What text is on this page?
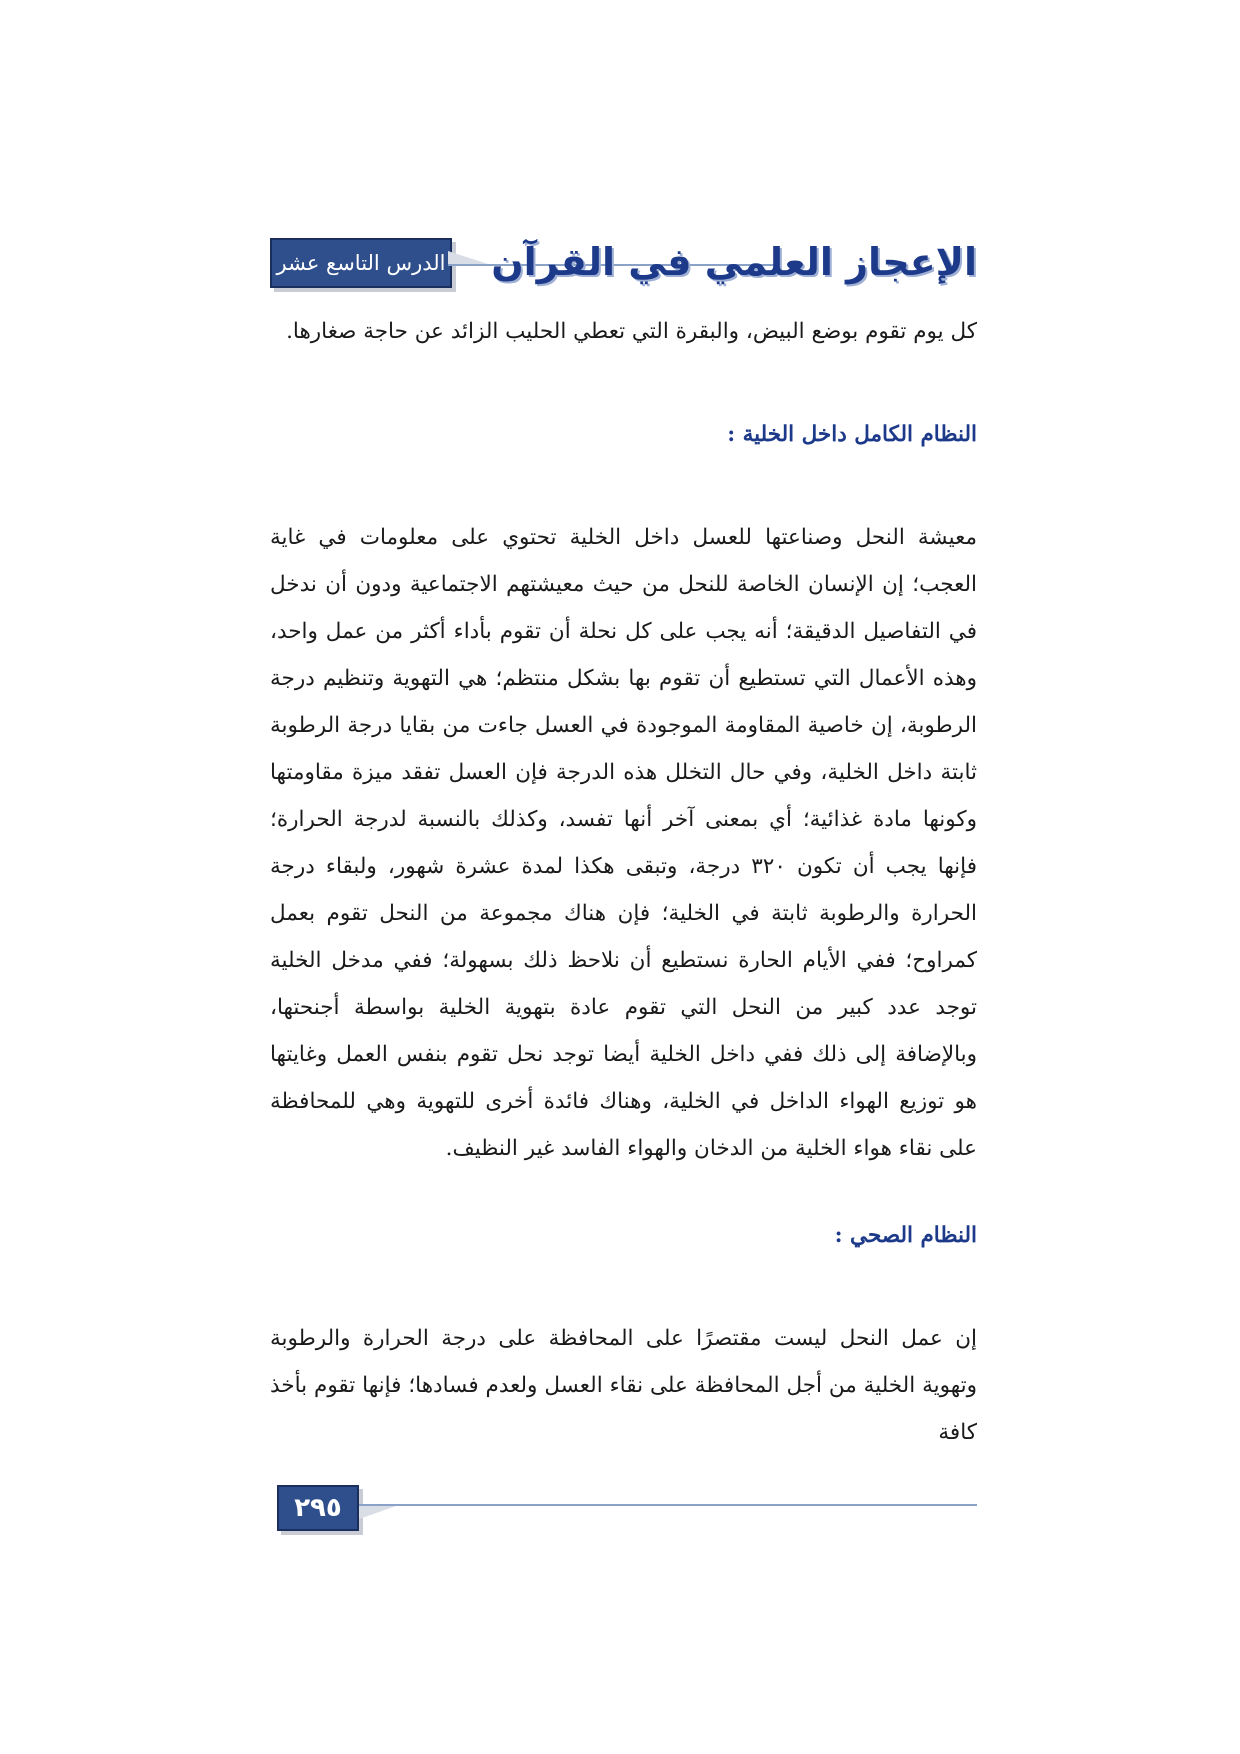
الدرس التاسع عشر الإعجاز العلمي في القرآن

كل يوم تقوم بوضع البيض، والبقرة التي تعطي الحليب الزائد عن حاجة صغارها.

النظام الكامل داخل الخلية :

معيشة النحل وصناعتها للعسل داخل الخلية تحتوي على معلومات في غاية العجب؛ إن الإنسان الخاصة للنحل من حيث معيشتهم الاجتماعية ودون أن ندخل في التفاصيل الدقيقة؛ أنه يجب على كل نحلة أن تقوم بأداء أكثر من عمل واحد، وهذه الأعمال التي تستطيع أن تقوم بها بشكل منتظم؛ هي التهوية وتنظيم درجة الرطوبة، إن خاصية المقاومة الموجودة في العسل جاءت من بقايا درجة الرطوبة ثابتة داخل الخلية، وفي حال التخلل هذه الدرجة فإن العسل تفقد ميزة مقاومتها وكونها مادة غذائية؛ أي بمعنى آخر أنها تفسد، وكذلك بالنسبة لدرجة الحرارة؛ فإنها يجب أن تكون ٣٢٠ درجة، وتبقى هكذا لمدة عشرة شهور، ولبقاء درجة الحرارة والرطوبة ثابتة في الخلية؛ فإن هناك مجموعة من النحل تقوم بعمل كمراوح؛ ففي الأيام الحارة نستطيع أن نلاحظ ذلك بسهولة؛ ففي مدخل الخلية توجد عدد كبير من النحل التي تقوم عادة بتهوية الخلية بواسطة أجنحتها، وبالإضافة إلى ذلك ففي داخل الخلية أيضا توجد نحل تقوم بنفس العمل وغايتها هو توزيع الهواء الداخل في الخلية، وهناك فائدة أخرى للتهوية وهي للمحافظة على نقاء هواء الخلية من الدخان والهواء الفاسد غير النظيف.

النظام الصحي :

إن عمل النحل ليست مقتصرًا على المحافظة على درجة الحرارة والرطوبة وتهوية الخلية من أجل المحافظة على نقاء العسل ولعدم فسادها؛ فإنها تقوم بأخذ كافة

٢٩٥
